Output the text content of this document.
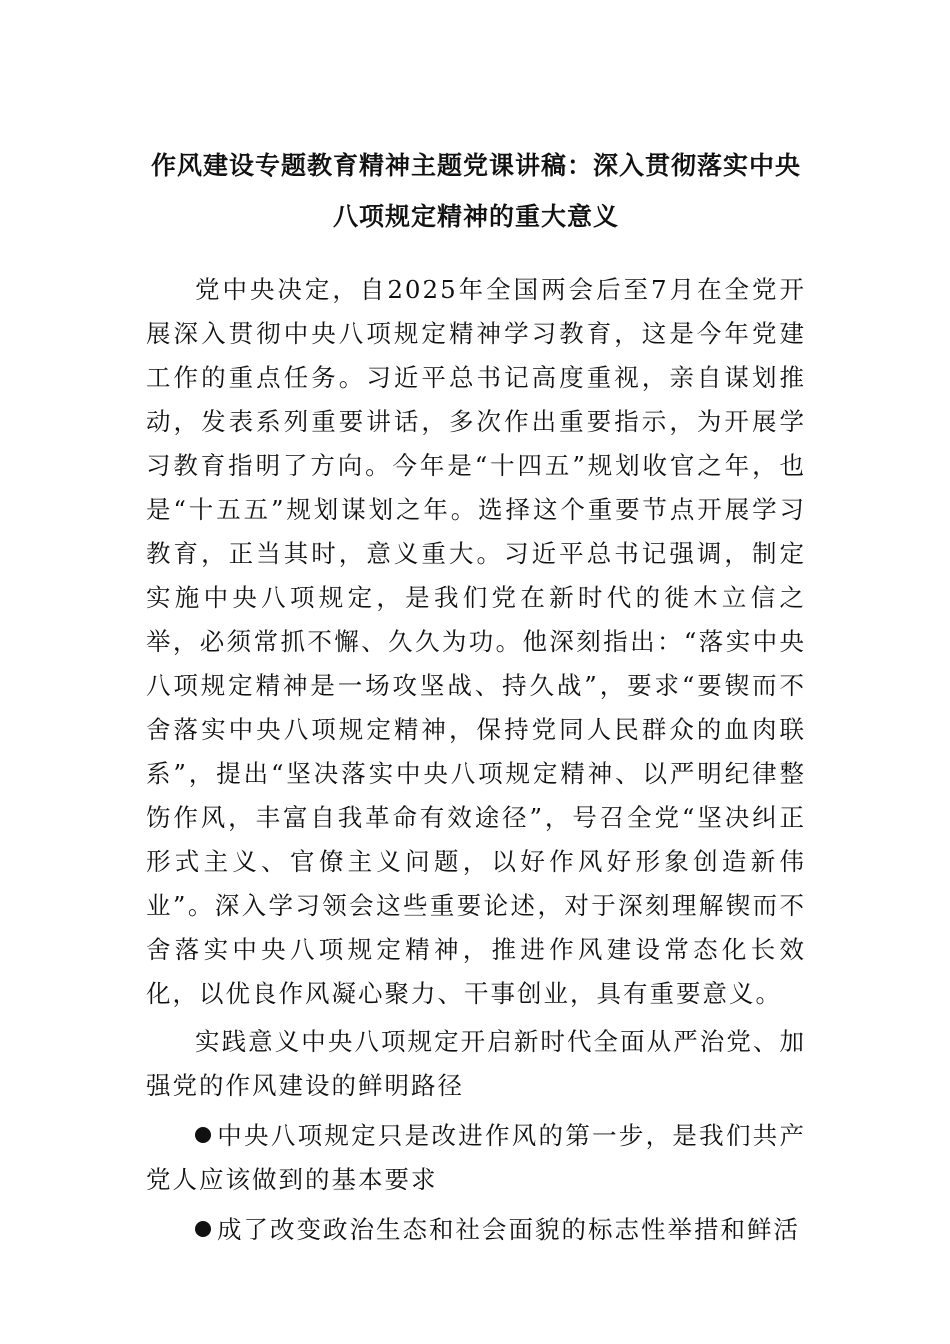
作风建设专题教育精神主题党课讲稿：深入贯彻落实中央
八项规定精神的重大意义

党中央决定，自2025年全国两会后至7月在全党开展深入贯彻中央八项规定精神学习教育，这是今年党建工作的重点任务。习近平总书记高度重视，亲自谋划推动，发表系列重要讲话，多次作出重要指示，为开展学习教育指明了方向。今年是“十四五”规划收官之年，也是“十五五”规划谋划之年。选择这个重要节点开展学习教育，正当其时，意义重大。习近平总书记强调，制定实施中央八项规定，是我们党在新时代的徙木立信之举，必须常抓不懈、久久为功。他深刻指出：“落实中央八项规定精神是一场攻坚战、持久战”，要求“要锲而不舍落实中央八项规定精神，保持党同人民群众的血肉联系”，提出“坚决落实中央八项规定精神、以严明纪律整饬作风，丰富自我革命有效途径”，号召全党“坚决纠正形式主义、官僚主义问题，以好作风好形象创造新伟业”。深入学习领会这些重要论述，对于深刻理解锲而不舍落实中央八项规定精神，推进作风建设常态化长效化，以优良作风凝心聚力、干事创业，具有重要意义。

实践意义中央八项规定开启新时代全面从严治党、加强党的作风建设的鲜明路径

中央八项规定只是改进作风的第一步，是我们共产党人应该做到的基本要求

成了改变政治生态和社会面貌的标志性举措和鲜活
